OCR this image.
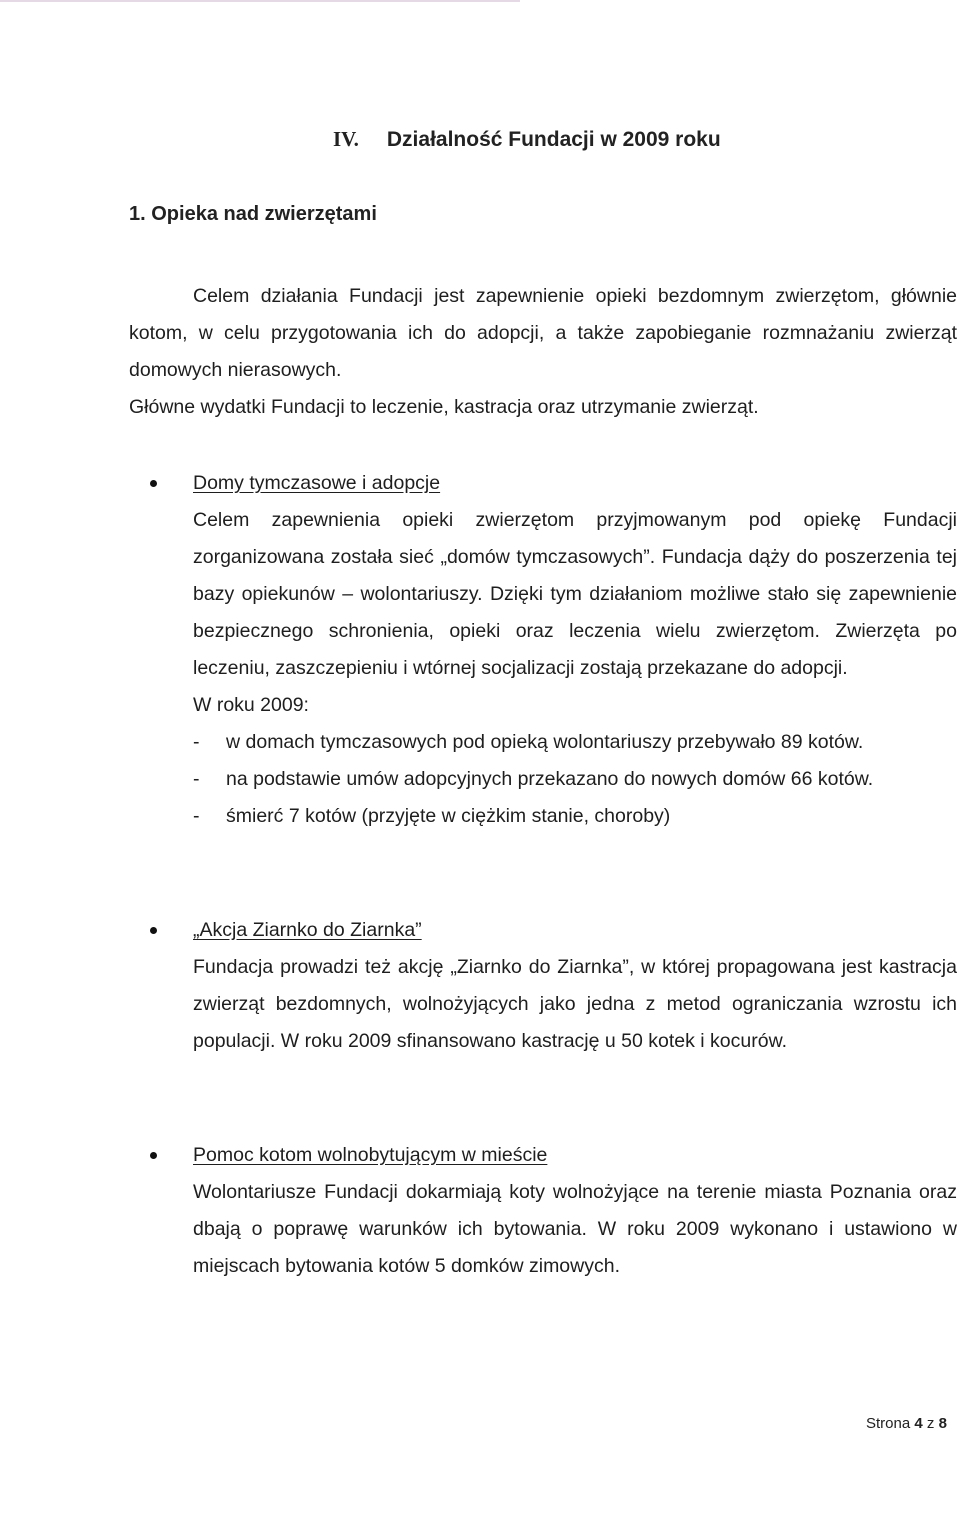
IV. Działalność Fundacji w 2009 roku
1. Opieka nad zwierzętami

Celem działania Fundacji jest zapewnienie opieki bezdomnym zwierzętom, głównie kotom, w celu przygotowania ich do adopcji, a także zapobieganie rozmnażaniu zwierząt domowych nierasowych.

Główne wydatki Fundacji to leczenie, kastracja oraz utrzymanie zwierząt.

Domy tymczasowe i adopcje

Celem zapewnienia opieki zwierzętom przyjmowanym pod opiekę Fundacji zorganizowana została sieć „domów tymczasowych”. Fundacja dąży do poszerzenia tej bazy opiekunów – wolontariuszy. Dzięki tym działaniom możliwe stało się zapewnienie bezpiecznego schronienia, opieki oraz leczenia wielu zwierzętom. Zwierzęta po leczeniu, zaszczepieniu i wtórnej socjalizacji zostają przekazane do adopcji.

W roku 2009:
- w domach tymczasowych pod opieką wolontariuszy przebywało 89 kotów.
- na podstawie umów adopcyjnych przekazano do nowych domów 66 kotów.
- śmierć 7 kotów (przyjęte w ciężkim stanie, choroby)
„Akcja Ziarnko do Ziarnka”

Fundacja prowadzi też akcję „Ziarnko do Ziarnka”, w której propagowana jest kastracja zwierząt bezdomnych, wolnożyjących jako jedna z metod ograniczania wzrostu ich populacji. W roku 2009 sfinansowano kastrację u 50 kotek i kocurów.

Pomoc kotom wolnobytującym w mieście

Wolontariusze Fundacji dokarmiają koty wolnożyjące na terenie miasta Poznania oraz dbają o poprawę warunków ich bytowania. W roku 2009 wykonano i ustawiono w miejscach bytowania kotów 5 domków zimowych.

Strona 4 z 8
